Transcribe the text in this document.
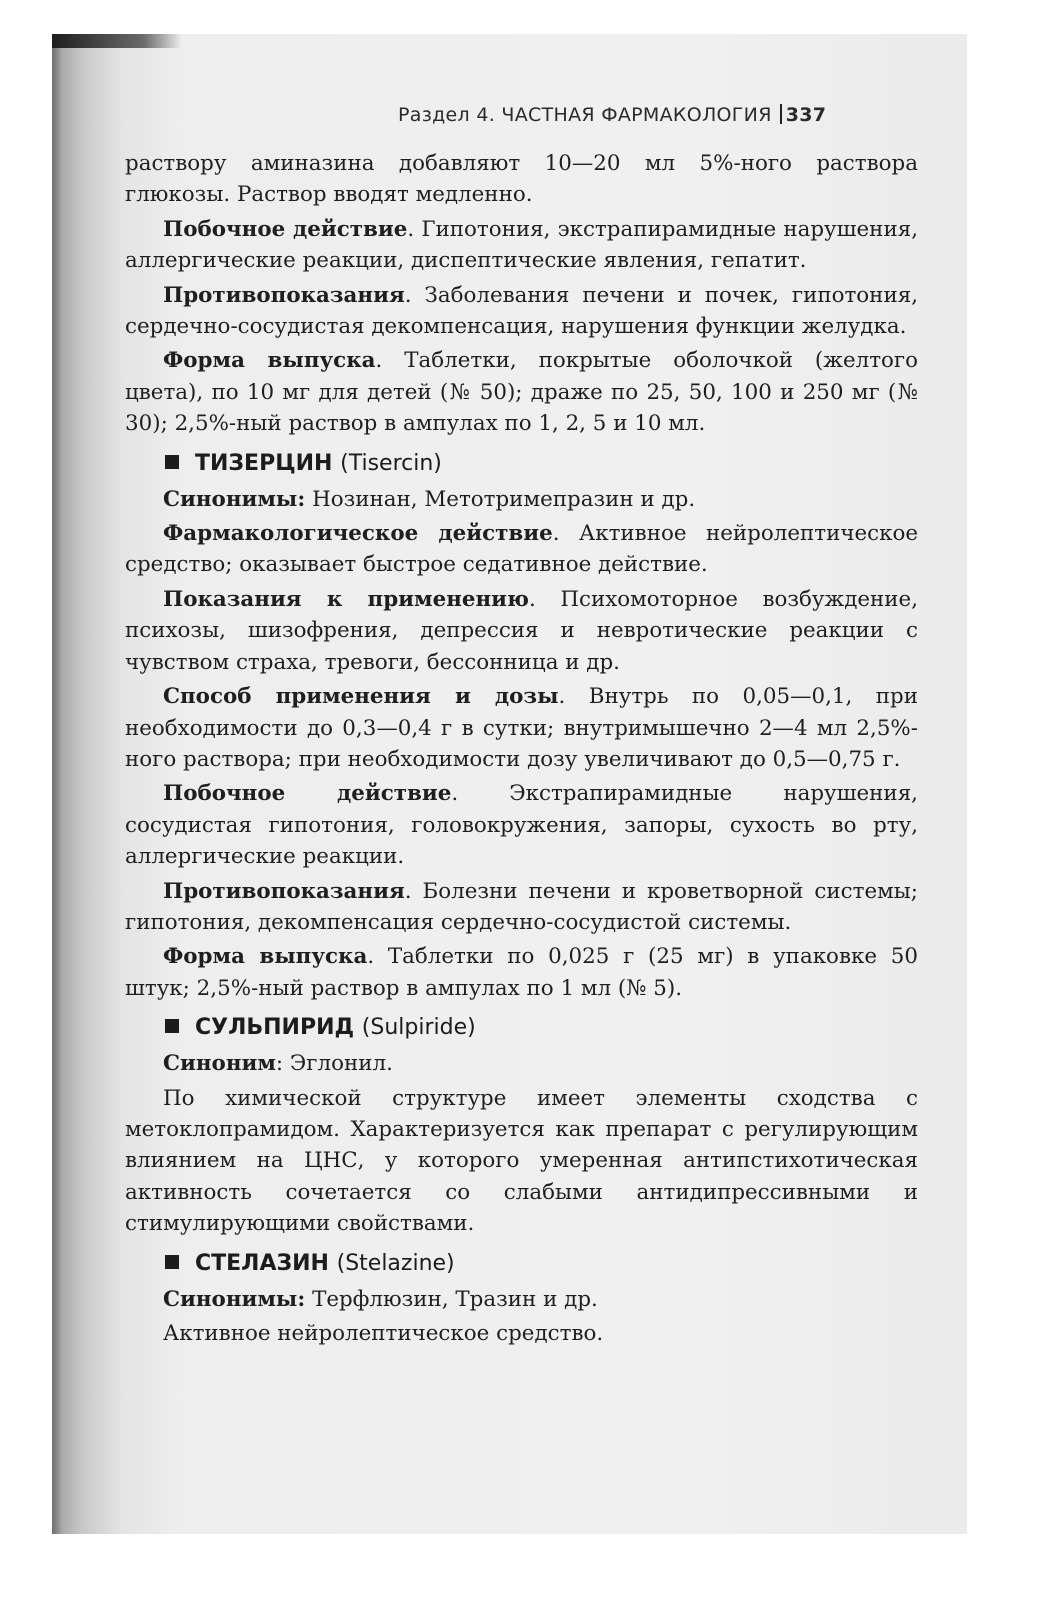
Раздел 4. ЧАСТНАЯ ФАРМАКОЛОГИЯ 337

раствору аминазина добавляют 10—20 мл 5%-ного раствора глюкозы. Раствор вводят медленно.

Побочное действие. Гипотония, экстрапирамидные нарушения, аллергические реакции, диспептические явления, гепатит.

Противопоказания. Заболевания печени и почек, гипотония, сердечно-сосудистая декомпенсация, нарушения функции желудка.

Форма выпуска. Таблетки, покрытые оболочкой (желтого цвета), по 10 мг для детей (№ 50); драже по 25, 50, 100 и 250 мг (№ 30); 2,5%-ный раствор в ампулах по 1, 2, 5 и 10 мл.

ТИЗЕРЦИН (Tisercin)

Синонимы: Нозинан, Метотримепразин и др.

Фармакологическое действие. Активное нейролептическое средство; оказывает быстрое седативное действие.

Показания к применению. Психомоторное возбуждение, психозы, шизофрения, депрессия и невротические реакции с чувством страха, тревоги, бессонница и др.

Способ применения и дозы. Внутрь по 0,05—0,1, при необходимости до 0,3—0,4 г в сутки; внутримышечно 2—4 мл 2,5%-ного раствора; при необходимости дозу увеличивают до 0,5—0,75 г.

Побочное действие. Экстрапирамидные нарушения, сосудистая гипотония, головокружения, запоры, сухость во рту, аллергические реакции.

Противопоказания. Болезни печени и кроветворной системы; гипотония, декомпенсация сердечно-сосудистой системы.

Форма выпуска. Таблетки по 0,025 г (25 мг) в упаковке 50 штук; 2,5%-ный раствор в ампулах по 1 мл (№ 5).

СУЛЬПИРИД (Sulpiride)

Синоним: Эглонил.

По химической структуре имеет элементы сходства с метоклопрамидом. Характеризуется как препарат с регулирующим влиянием на ЦНС, у которого умеренная антипстихотическая активность сочетается со слабыми антидипрессивными и стимулирующими свойствами.

СТЕЛАЗИН (Stelazine)

Синонимы: Терфлюзин, Тразин и др.

Активное нейролептическое средство.
